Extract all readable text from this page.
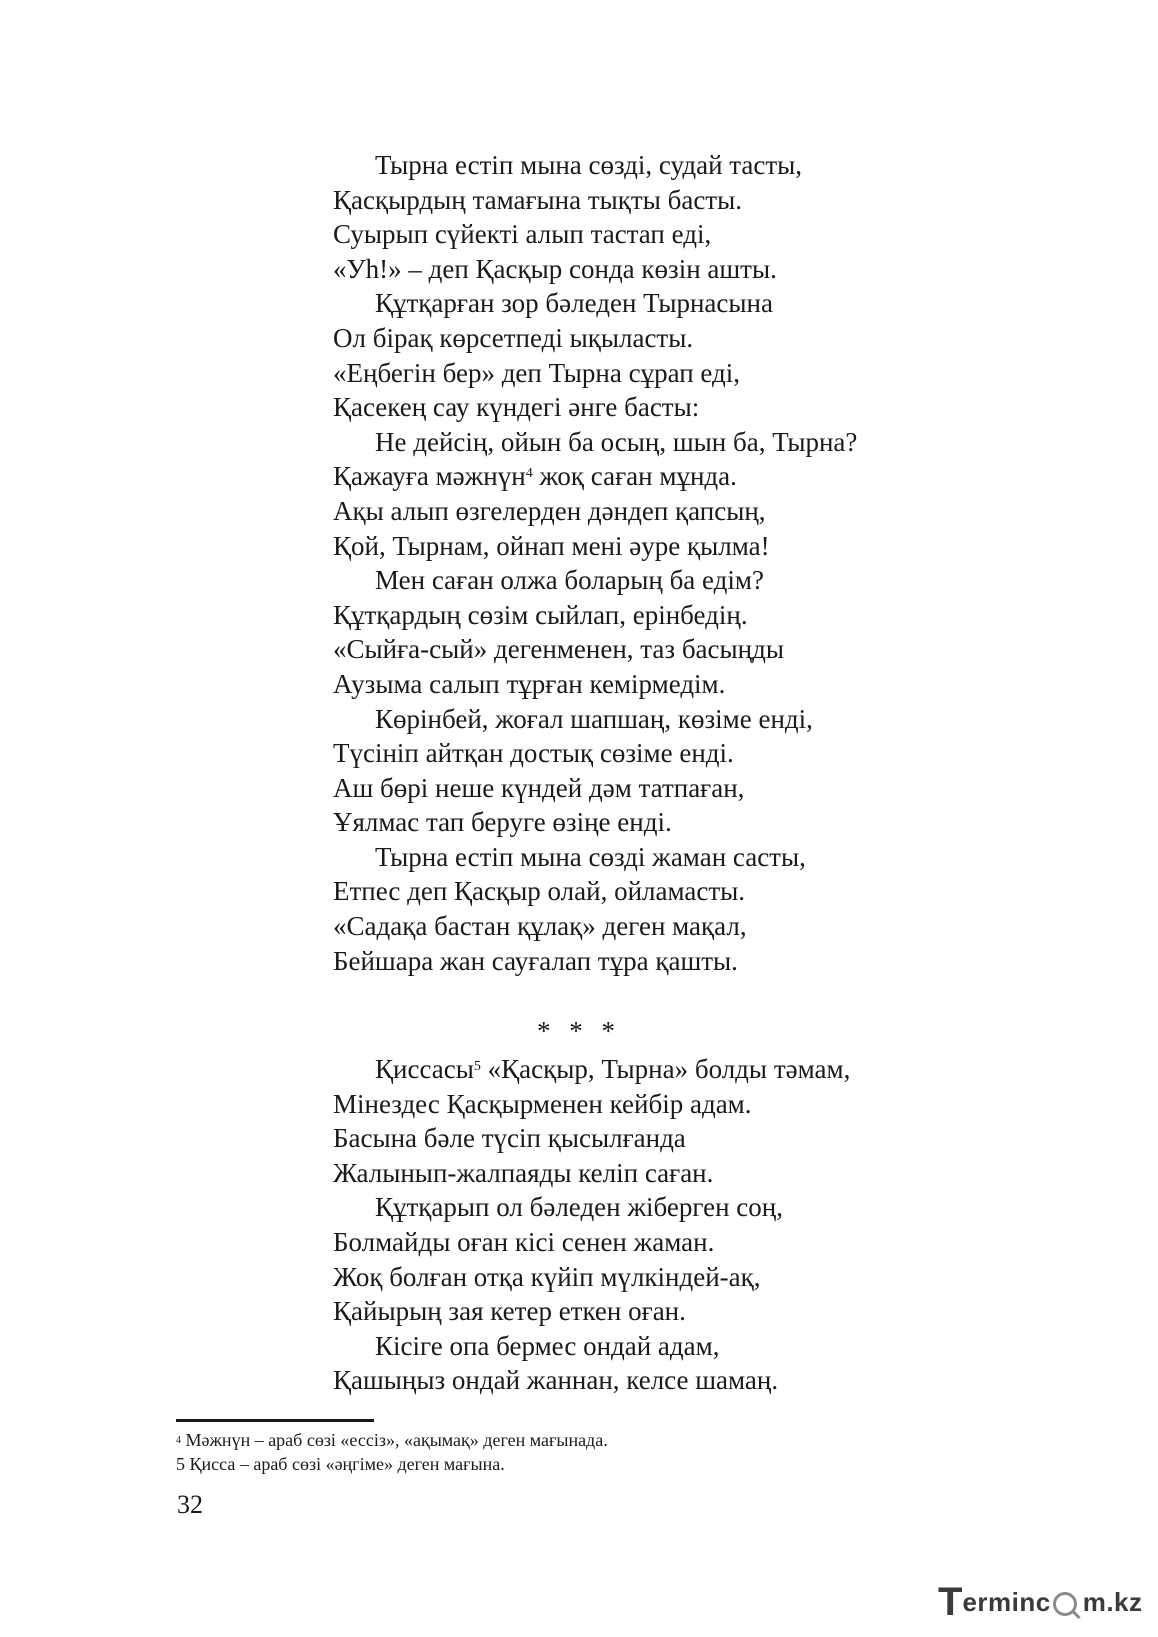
Тырна естіп мына сөзді, судай тасты,
Қасқырдың тамағына тықты басты.
Суырып сүйекті алып тастап еді,
«Уһ!» – деп Қасқыр сонда көзін ашты.
Құтқарған зор бәледен Тырнасына
Ол бірақ көрсетпеді ықыласты.
«Еңбегін бер» деп Тырна сұрап еді,
Қасекең сау күндегі әнге басты:
Не дейсің, ойын ба осың, шын ба, Тырна?
Қажауға мәжнүн$^4$ жоқ саған мұнда.
Ақы алып өзгелерден дәндеп қапсың,
Қой, Тырнам, ойнап мені әуре қылма!
Мен саған олжа боларың ба едім?
Құтқардың сөзім сыйлап, ерінбедің.
«Сыйға-сый» дегенменен, таз басыңды
Аузыма салып тұрған кемірмедім.
Көрінбей, жоғал шапшаң, көзіме енді,
Түсініп айтқан достық сөзіме енді.
Аш бөрі неше күндей дәм татпаған,
Ұялмас тап беруге өзіңе енді.
Тырна естіп мына сөзді жаман састы,
Етпес деп Қасқыр олай, ойламасты.
«Садақа бастан құлақ» деген мақал,
Бейшара жан сауғалап тұра қашты.
* * *
Қиссасы$^5$ «Қасқыр, Тырна» болды тәмам,
Мінездес Қасқырменен кейбір адам.
Басына бәле түсіп қысылғанда
Жалынып-жалпаяды келіп саған.
Құтқарып ол бәледен жіберген соң,
Болмайды оған кісі сенен жаман.
Жоқ болған отқа күйіп мүлкіндей-ақ,
Қайырың зая кетер еткен оған.
Кісіге опа бермес ондай адам,
Қашыңыз ондай жаннан, келсе шамаң.
$^4$ Мәжнүн – араб сөзі «ессіз», «ақымақ» деген мағынада.
5 Қисса – араб сөзі «әңгіме» деген мағына.
32
T erminc m.kz
